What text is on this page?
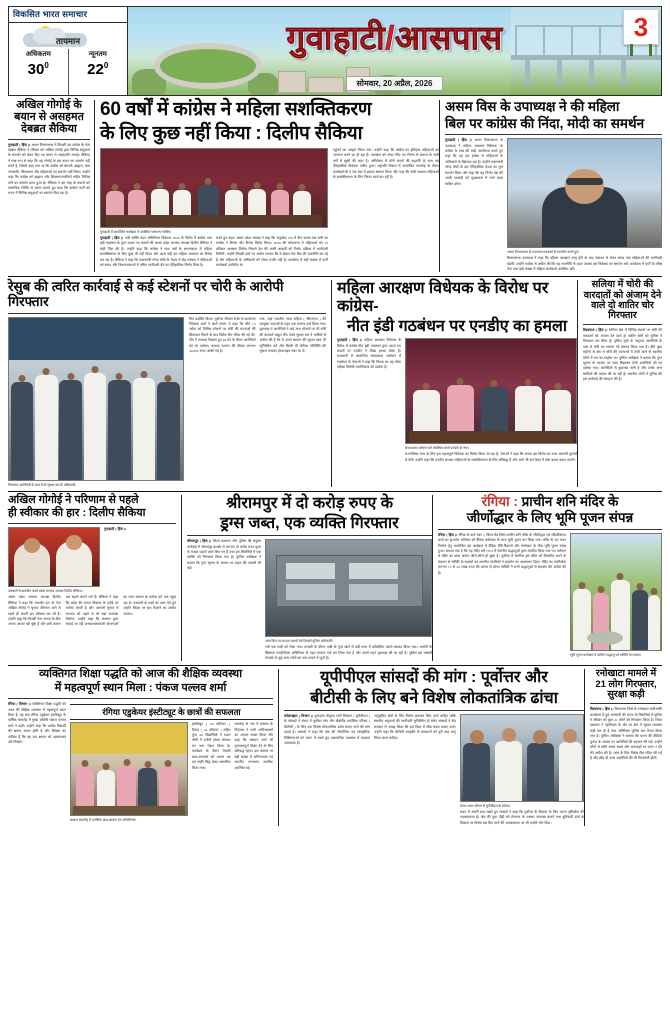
विकसित भारत समाचार
तापमान
अधिकतम
$30^0$
न्यूनतम
$22^0$
गुवाहाटी/आसपास
सोमवार, 20 अप्रैल, 2026
3
अखिल गोगोई के बयान से असहमत देबब्रत सैकिया
गुवाहाटी ( हिंस )। असम विधानसभा में विपक्षी दल कांग्रेस के नेता देबब्रत सैकिया ने रविवार को अखिल गोगोई द्वारा विभिन्न समुदायों के समर्थन को लेकर दिए गए बयान से असहमति जताई। सैकिया ने स्पष्ट रूप से कहा कि वह गोगोई के इस कथन का समर्थन नहीं करते हैं, जिसमें कहा गया था कि कांग्रेस को बंगाली, ब्राह्मण, चाय जनजाति, शिवसागर और महिलाओं का समर्थन नहीं मिला। उन्होंने कहा कि कांग्रेस को ब्राह्मण और शिवसागरवासियों सहित विभिन्न वर्गों का समर्थन प्राप्त हुआ है। सैकिया ने इस तरह के बयानों को वास्तविक स्थिति से अलग बताते हुए कहा कि कांग्रेस पार्टी को राज्य में विभिन्न समुदायों का समर्थन मिल रहा है।
60 वर्षों में कांग्रेस ने महिला सशक्तिकरण
के लिए कुछ नहीं किया : दिलीप सैकिया
गुवाहाटी में आयोजित कार्यक्रम में उपस्थित गणमान्य व्यक्ति।
गुवाहाटी ( हिंस )। नारी शक्ति वंदन अधिनियम विधेयक 2026 के विरोध में कांग्रेस तथा इंडी गठबंधन के द्वारा उठाए गए कदमों की असम प्रदेश भाजपा अध्यक्ष दिलीप सैकिया ने कड़ी निंदा की है। उन्होंने कहा कि कांग्रेस ने साठ वर्षों के शासनकाल में महिला सशक्तिकरण के लिए कुछ भी नहीं किया और आज वही दल महिला आरक्षण का विरोध कर रहा है। सैकिया ने कहा कि प्रधानमंत्री नरेन्द्र मोदी के नेतृत्व में केंद्र सरकार ने महिलाओं को संसद और विधानसभाओं में उचित भागीदारी देने का ऐतिहासिक निर्णय लिया है।
करते हुए कहा। असम प्रदेश अध्यक्ष ने कहा कि अनुच्छेद 370 में तीन दशक तक सभी का कांग्रेस ने विरोध और विरोध विरोध किया। 2029 की लोकसभा में महिलाओं को 33 प्रतिशत आरक्षण मिलेगा जिससे देश की आधी आबादी को निर्णय प्रक्रिया में भागीदारी मिलेगी। उन्होंने विपक्षी दलों पर आरोप लगाया कि वे केवल वोट बैंक की राजनीति कर रहे हैं और महिलाओं के अधिकारों को लेकर गंभीर नहीं हैं। कार्यक्रम में बड़ी संख्या में पार्टी कार्यकर्ता उपस्थित थे।
पहुंचने का आह्वान किया गया। उन्होंने कहा कि कांग्रेस का इतिहास महिलाओं का अपमान करने का ही रहा है। आरक्षण को लेकर लिए गए निर्णय से समाज के सभी वर्गों में खुशी की लहर है। अधिवेशन में दोनों सदनों की सहमति के साथ यह ऐतिहासिक विधेयक पारित हुआ। राष्ट्रपति निवास में आयोजित समारोह के दौरान कार्यकर्ताओं ने एक स्वर में इसका स्वागत किया और कहा कि मोदी सरकार महिलाओं के सशक्तिकरण के लिए निरंतर कार्य कर रही है।
असम विस के उपाध्यक्ष ने की महिला
बिल पर कांग्रेस की निंदा, मोदी का समर्थन
गुवाहाटी ( हिंस )। असम विधानसभा के उपाध्यक्ष ने महिला आरक्षण विधेयक पर कांग्रेस के रुख की कड़ी आलोचना करते हुए कहा कि यह दल हमेशा से महिलाओं के अधिकारों के खिलाफ रहा है। उन्होंने प्रधानमंत्री नरेन्द्र मोदी के इस ऐतिहासिक कदम का पूर्ण समर्थन किया और कहा कि यह निर्णय देश की आधी आबादी को मुख्यधारा में लाने वाला साबित होगा।
असम विधानसभा के उपाध्यक्ष पत्रकारों से बातचीत करते हुए।
विधानसभा उपाध्यक्ष ने कहा कि महिला आरक्षण लागू होने के बाद पंचायत से लेकर संसद तक महिलाओं की भागीदारी बढ़ेगी। उन्होंने कांग्रेस से अपील की कि वह राजनीति से ऊपर उठकर इस विधेयक का समर्थन करे। कार्यक्रम में पार्टी के वरिष्ठ नेता तथा बड़ी संख्या में महिला कार्यकर्ता उपस्थित रहीं।
रेसुब की त्वरित कार्रवाई से कई स्टेशनों पर चोरी के आरोपी गिरफ्तार
गिरफ्तार आरोपियों के साथ रेलवे सुरक्षा बल के अधिकारी।
फिर प्रदर्शित किया। पूर्वोत्तर सीमांत रेलवे के कार्यालय निदेशक शर्मा ने जारी बयान में कहा कि बीते 13 अप्रैल को विभिन्न स्टेशनों पर चोरी की घटनाओं की शिकायत मिलने के बाद विशेष टीम गठित की गई थी। टीम ने तत्परता दिखाते हुए 48 घंटे के भीतर आरोपियों को धर दबोचा। बरामद सामान की कीमत लगभग 40,000 रुपए आंकी गई है।
गया, जहां भारतीय न्याय संहिता ( बीएनएस ) की उपयुक्त धाराओं के तहत एक मामला दर्ज किया गया। पूछताछ में आरोपियों ने कई अन्य स्टेशनों पर भी चोरी की वारदातें कबूल कीं। रेलवे सुरक्षा बल ने यात्रियों से अपील की है कि वे अपने सामान की सुरक्षा स्वयं भी सुनिश्चित करें और किसी भी संदिग्ध गतिविधि की सूचना तत्काल हेल्पलाइन नंबर पर दें।
महिला आरक्षण विधेयक के विरोध पर कांग्रेस-
नीत इंडी गठबंधन पर एनडीए का हमला
गुवाहाटी ( हिंस )। महिला आरक्षण विधेयक के विरोध में कांग्रेस-नीत इंडी गठबंधन द्वारा उठाए गए कदमों पर एनडीए ने तीखा हमला बोला है। राजधानी में आयोजित संवाददाता सम्मेलन में गठबंधन के नेताओं ने कहा कि विपक्ष का यह रवैया महिला विरोधी मानसिकता को दर्शाता है।
संवाददाता सम्मेलन को संबोधित करते एनडीए के नेता।
राजनीतिक लाभ के लिए इस महत्वपूर्ण विधेयक का विरोध किया जा रहा है। नेताओं ने कहा कि जनता इस विरोध का उत्तर आगामी चुनावों में देगी। उन्होंने कहा कि एनडीए सरकार महिलाओं के सशक्तिकरण के लिए प्रतिबद्ध है और आगे भी इस दिशा में ठोस कदम उठाए जाएंगे।
सलिया में चोरी की वारदातों को अंजाम देने वाले दो शातिर चोर गिरफ्तार
विश्वनाथ ( हिंस )। सलिया क्षेत्र में विभिन्न स्थानों पर चोरी की वारदातों को अंजाम देने वाले दो शातिर चोरों को पुलिस ने गिरफ्तार कर लिया है। पुलिस सूत्रों के अनुसार आरोपियों के पास से चोरी का सामान भी बरामद किया गया है। बीते कुछ महीनों से क्षेत्र में चोरी की घटनाओं में तेजी आने से स्थानीय लोगों में भय का माहौल था। पुलिस अधीक्षक ने बताया कि गुप्त सूचना के आधार पर जाल बिछाकर दोनों आरोपियों को धर दबोचा गया। आरोपियों से पूछताछ जारी है और उनके अन्य साथियों की तलाश की जा रही है। स्थानीय लोगों ने पुलिस की इस कार्रवाई की सराहना की है।
अखिल गोगोई ने परिणाम से पहले
ही स्वीकार की हार : दिलीप सैकिया
पत्रकारों से बातचीत करते प्रदेश भाजपा अध्यक्ष दिलीप सैकिया।
गुवाहाटी ( हिंस )।
असम प्रदेश भाजपा अध्यक्ष दिलीप सैकिया ने कहा कि रायजोर दल के नेता अखिल गोगोई ने चुनाव परिणाम आने से पहले ही अपनी हार स्वीकार कर ली है। उन्होंने कहा कि विपक्षी नेता जनता के बीच अपना आधार खो चुके हैं और इसी कारण अब बहाने बनाने लगे हैं। सैकिया ने कहा कि प्रदेश की जनता विकास के एजेंडे पर भरोसा करती है और आगामी चुनाव में भाजपा को पहले से भी बड़ा जनादेश मिलेगा। उन्होंने कहा कि सरकार द्वारा चलाई जा रही जनकल्याणकारी योजनाओं का लाभ समाज के प्रत्येक वर्ग तक पहुंच रहा है। पत्रकारों के प्रश्नों का उत्तर देते हुए उन्होंने विपक्ष पर भ्रम फैलाने का आरोप लगाया।
श्रीरामपुर में दो करोड़ रुपए के
ड्रग्स जब्त, एक व्यक्ति गिरफ्तार
श्रीरामपुर ( हिंस )। जिला प्रशासन और पुलिस की संयुक्त कार्रवाई में श्रीरामपुर इलाके से लगभग दो करोड़ रुपए मूल्य के मादक पदार्थ जब्त किए गए हैं तथा इस सिलसिले में एक व्यक्ति को गिरफ्तार किया गया है। पुलिस अधीक्षक ने बताया कि गुप्त सूचना के आधार पर वाहन की तलाशी ली गई।
जब्त किए गए मादक पदार्थों को दिखाते पुलिस अधिकारी।
भरी एक गाड़ी को रोका गया। तलाशी के दौरान गाड़ी के गुप्त खाने से बड़ी मात्रा में प्रतिबंधित पदार्थ बरामद किया गया। आरोपी के खिलाफ एनडीपीएस अधिनियम के तहत मामला दर्ज कर लिया गया है और उससे गहन पूछताछ की जा रही है। पुलिस इस तस्करी नेटवर्क से जुड़े अन्य लोगों का पता लगाने में जुटी है।
रंगिया : प्राचीन शनि मंदिर के
जीर्णोद्धार के लिए भूमि पूजन संपन्न
रंगिया ( हिंस )। रंगिया के वार्ड नंबर 7, बिल्व रोड स्थित प्राचीन शनि मंदिर के जीर्णोद्धार एवं सौंदर्यीकरण कार्य का शुभारंभ शनिवार को वैदिक मंत्रोच्चार के साथ भूमि पूजन कर किया गया। मंदिर के नए भवन निर्माण हेतु आयोजित इस कार्यक्रम में वैदिक रीति-रिवाजों और मंत्रोच्चार के बीच भूमि पूजन संपन्न हुआ। बताया गया है कि यह मंदिर वर्ष 1974 में स्थानीय श्रद्धालुओं द्वारा स्थापित किया गया था। वर्तमान में मंदिर का ढांचा अत्यंत जीर्ण-शीर्ण हो चुका है। पूर्वोत्तर में स्थापित इस मंदिर को विकसित करने के संकल्प से समिति के सदस्यों एवं स्थानीय नागरिकों ने सहयोग का आश्वासन दिया। मंदिर का नवनिर्माण लगभग 15 से 20 लाख रुपए की लागत से होगा। समिति ने सभी श्रद्धालुओं से सहयोग की अपील की है।
भूमि पूजन कार्यक्रम में शामिल श्रद्धालु एवं समिति के सदस्य।
व्यक्तिगत शिक्षा पद्धति को आज की शैक्षिक व्यवस्था
में महत्वपूर्ण स्थान मिला : पंकज पल्लव शर्मा
रंगिया ( विभाग )। व्यक्तिगत शिक्षा पद्धति को आज की शैक्षिक व्यवस्था में महत्वपूर्ण स्थान मिला है, यह बात रंगिया एडुकेयर इंस्टीट्यूट के वार्षिक समारोह में मुख्य अतिथि पंकज पल्लव शर्मा ने कही। उन्होंने कहा कि प्रत्येक विद्यार्थी की क्षमता अलग होती है और शिक्षक का दायित्व है कि वह उस क्षमता को पहचानकर उसे निखारे।
रंगिया एडुकेयर इंस्टीट्यूट के छात्रों की सफलता
सम्मान समारोह में उपस्थित छात्र-छात्राएं एवं अतिथिगण।
इंस्टीट्यूट ( 60 प्रतिशत ), दिव्या ( 54 प्रतिशत ) सहित कुल 60 विद्यार्थियों ने प्रथम श्रेणी में उत्तीर्ण होकर संस्थान का नाम रोशन किया है। कार्यक्रम के दौरान मेधावी छात्र-छात्राओं को प्रमाण पत्र एवं स्मृति चिह्न देकर सम्मानित किया गया।
समारोह के अंत में संस्थान के निदेशक ने सभी अभिभावकों का आभार व्यक्त किया और कहा कि संस्थान आगे भी गुणवत्तापूर्ण शिक्षा देने के लिए प्रतिबद्ध रहेगा। इस अवसर पर बड़ी संख्या में अभिभावक एवं स्थानीय गणमान्य नागरिक उपस्थित रहे।
यूपीपीएल सांसदों की मांग : पूर्वोत्तर और
बीटीसी के लिए बने विशेष लोकतांत्रिक ढांचा
कोकराझार ( विभाग )। यूनाइटेड पीपुल्स पार्टी लिबरल ( यूपीपीएल ) के सांसदों ने संसद में पूर्वोत्तर क्षेत्र और बोडोलैंड प्रादेशिक परिषद ( बीटीसी ) के लिए एक विशेष लोकतांत्रिक ढांचा बनाए जाने की मांग उठाई है। सांसदों ने कहा कि क्षेत्र की भौगोलिक एवं सांस्कृतिक विशिष्टताओं को ध्यान में रखते हुए प्रशासनिक व्यवस्था में बदलाव आवश्यक है।
अनुसूचित क्षेत्रों के लिए विशेष प्रावधान किए जाने चाहिए ताकि स्थानीय समुदायों की भागीदारी सुनिश्चित हो सके। सांसदों ने केंद्र सरकार से आग्रह किया कि इस दिशा में शीघ्र कदम उठाए जाएं। उन्होंने कहा कि बीटीसी समझौते के प्रावधानों को पूरी तरह लागू किया जाना चाहिए।
संसद भवन परिसर में यूपीपीएल के सांसद।
सदन में अपनी बात रखते हुए सांसदों ने कहा कि पूर्वोत्तर के विकास के लिए अलग दृष्टिकोण की आवश्यकता है। क्षेत्र की युवा पीढ़ी को रोजगार के अवसर उपलब्ध कराने तथा बुनियादी ढांचे के विकास पर विशेष बल दिए जाने की आवश्यकता पर भी उन्होंने जोर दिया।
रनोखाटा मामले में 21 लोग गिरफ्तार, सुरक्षा कड़ी
विश्वनाथ ( हिंस )। विश्वनाथ जिले के रनोखाटा चारिआलि कार्यालय में हुई आगजनी की घटना के सिलसिले में पुलिस ने रविवार को कुल 21 लोगों को गिरफ्तार किया है। जिला प्रशासन ने एहतियात के तौर पर क्षेत्र में सुरक्षा व्यवस्था कड़ी कर दी है तथा अतिरिक्त पुलिस बल तैनात किया गया है। पुलिस अधीक्षक ने बताया कि घटना की वीडियो फुटेज के आधार पर आरोपियों की पहचान की गई। उन्होंने लोगों से शांति बनाए रखने और अफवाहों पर ध्यान न देने की अपील की है। जांच के लिए विशेष टीम गठित की गई है और शीघ्र ही अन्य आरोपियों की भी गिरफ्तारी होगी।
